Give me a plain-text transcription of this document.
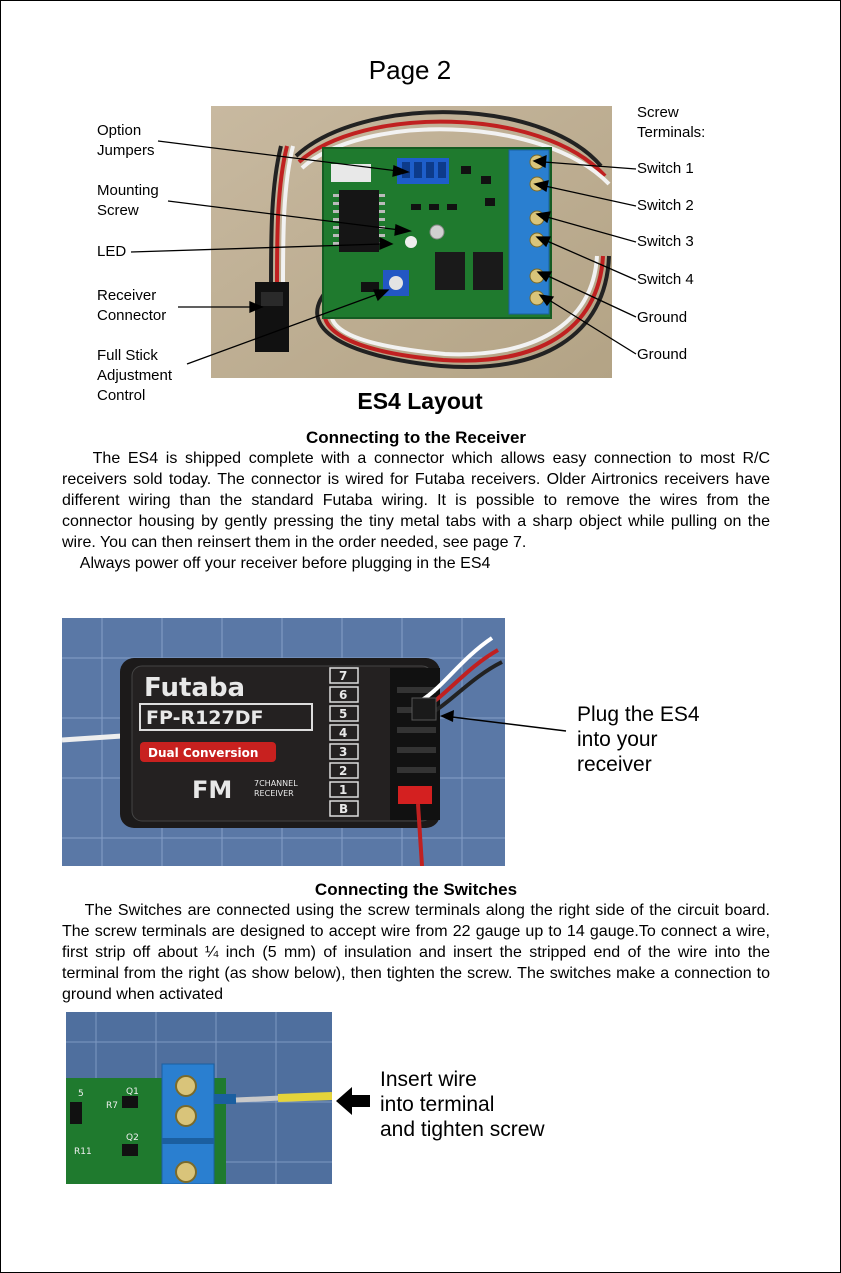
Page 2
Option
Jumpers
Mounting
Screw
LED
Receiver
Connector
Full Stick
Adjustment
Control
Screw
Terminals:
Switch 1
Switch 2
Switch 3
Switch 4
Ground
Ground
ES4 Layout
Connecting to the Receiver

The ES4 is shipped complete with a connector which allows easy connection to most R/C receivers sold today. The connector is wired for Futaba receivers. Older Airtronics receivers have different wiring than the standard Futaba wiring. It is possible to remove the wires from the connector housing by gently pressing the tiny metal tabs with a sharp object while pulling on the wire. You can then reinsert them in the order needed, see page 7.

Always power off your receiver before plugging in the ES4

Futaba
FP-R127DF
Dual Conversion
FM	7CHANNEL
RECEIVER
7
6
5
4
3
2
1
B
Plug the ES4
into your
receiver
Connecting the Switches

The Switches are connected using the screw terminals along the right side of the circuit board. The screw terminals are designed to accept wire from 22 gauge up to 14 gauge.To connect a wire, first strip off about ¼ inch (5 mm) of insulation and insert the stripped end of the wire into the terminal from the right (as show below), then tighten the screw. The switches make a connection to ground when activated

Q1
Q2
R11
R7
5
Insert wire
into terminal
and tighten screw
